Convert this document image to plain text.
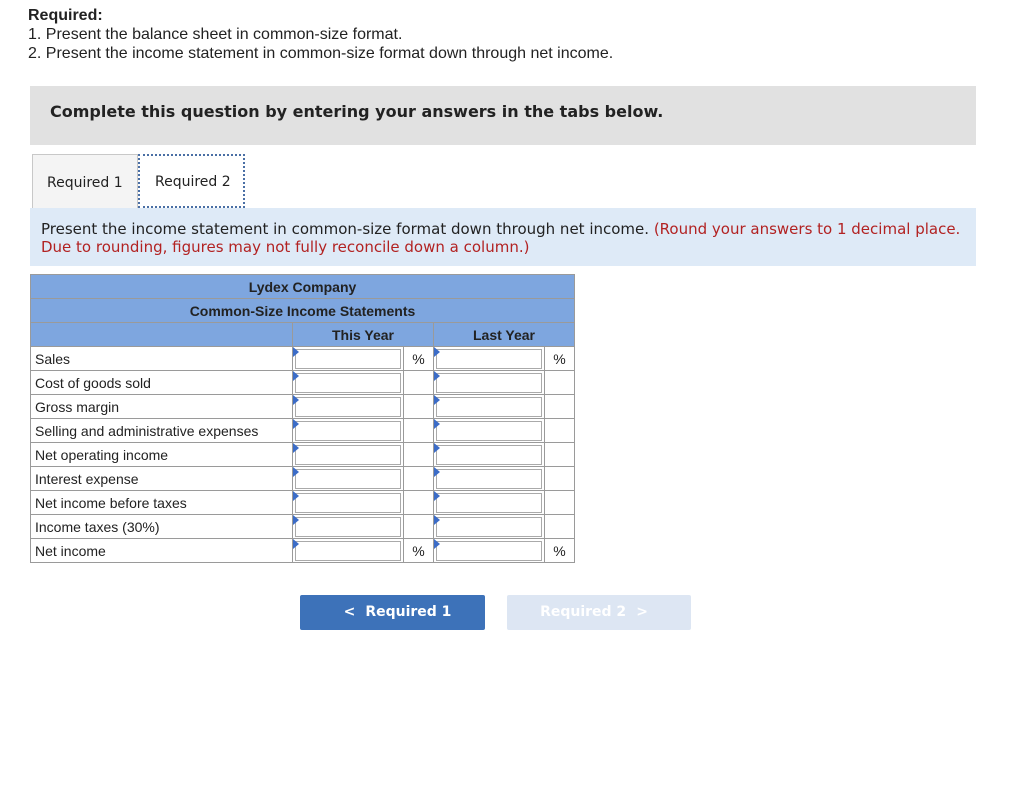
Required:
1. Present the balance sheet in common-size format.
2. Present the income statement in common-size format down through net income.
Complete this question by entering your answers in the tabs below.
Required 1	Required 2
Present the income statement in common-size format down through net income. (Round your answers to 1 decimal place. Due to rounding, figures may not fully reconcile down a column.)
Lydex Company				
Common-Size Income Statements				
	This Year		Last Year	
Sales		%		%
Cost of goods sold	

Gross margin	

Selling and administrative expenses	

Net operating income	

Interest expense	

Net income before taxes	

Income taxes (30%)	

Net income		%		%
< Required 1	Required 2 >
